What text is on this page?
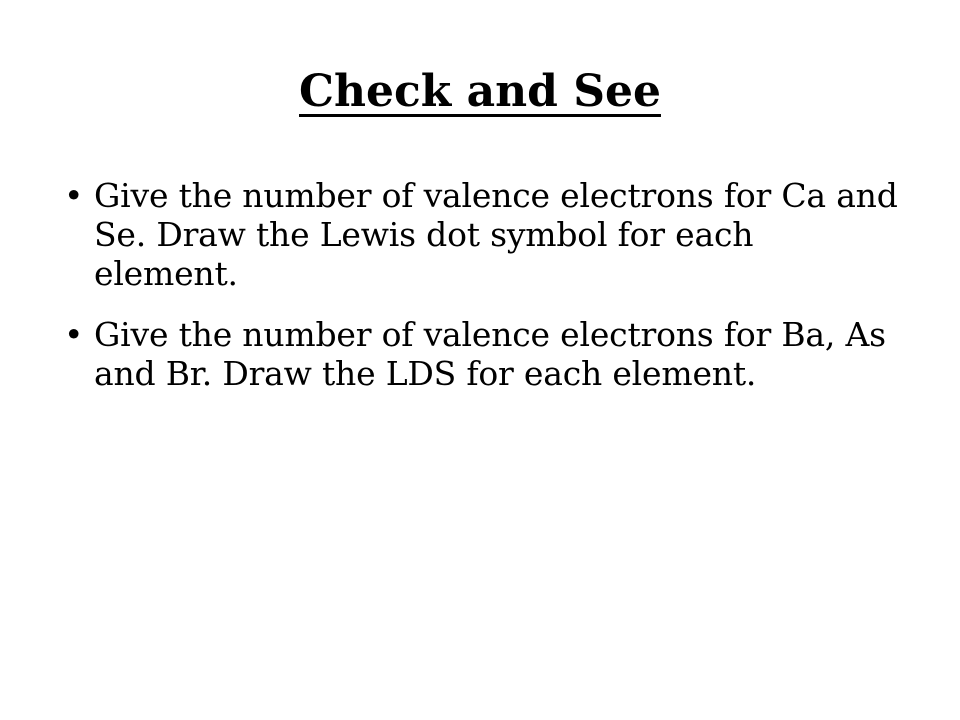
Check and See
• Give the number of valence electrons for Ca and Se. Draw the Lewis dot symbol for each element.
• Give the number of valence electrons for Ba, As and Br. Draw the LDS for each element.
